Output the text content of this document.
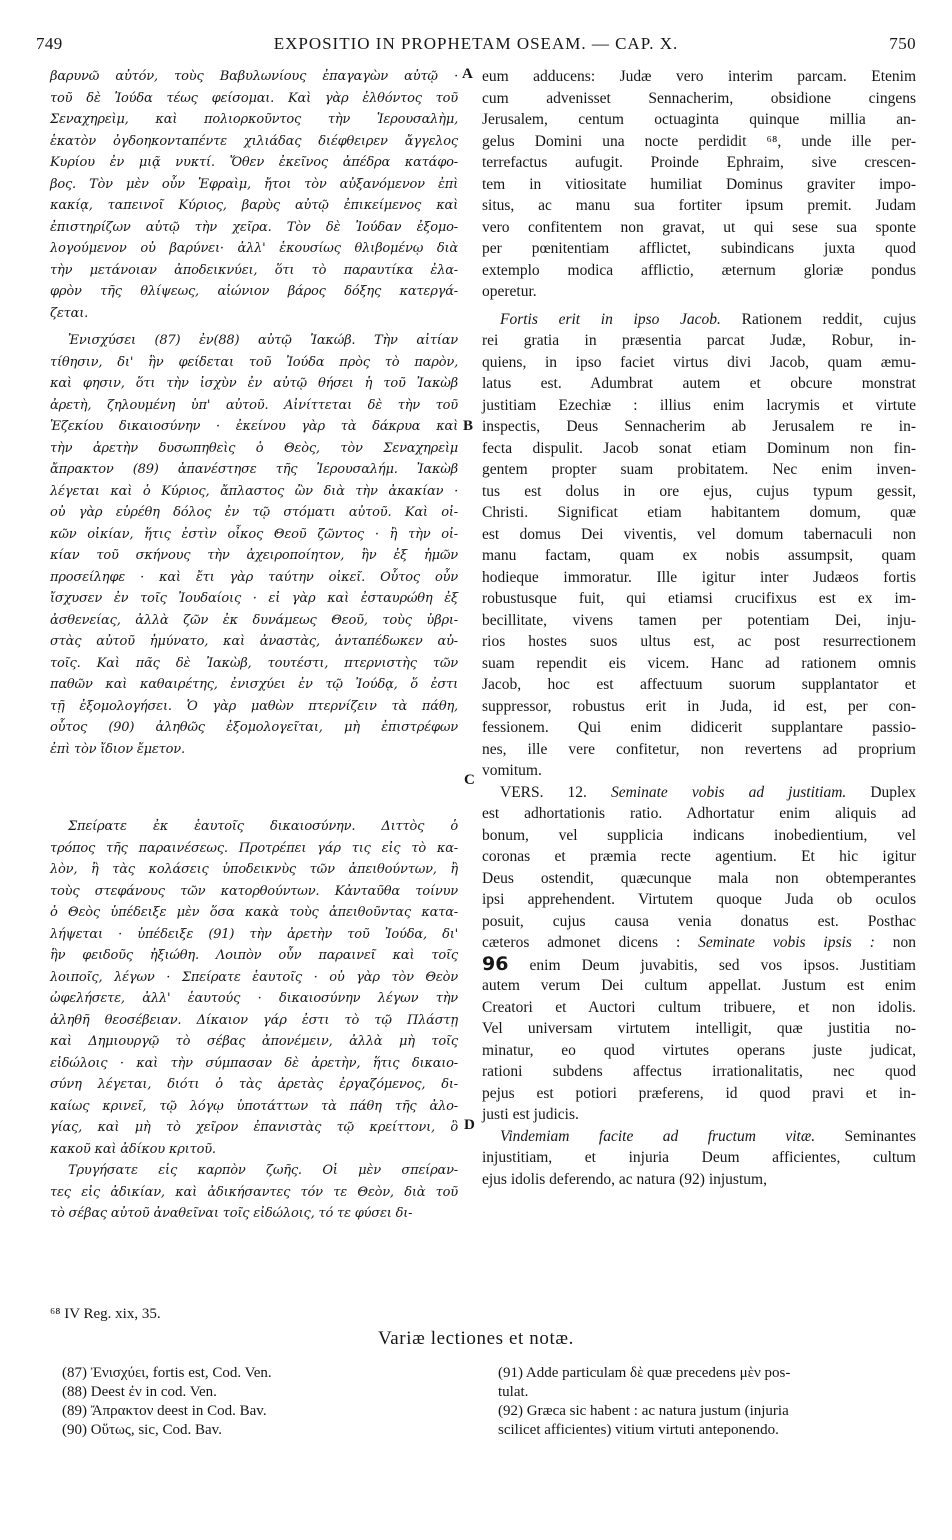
749	EXPOSITIO IN PROPHETAM OSEAM. — CAP. X.	750
βαρυνῶ αὐτόν, τοὺς Βαβυλωνίους ἐπαγαγὼν αὐτῷ ·
τοῦ δὲ Ἰούδα τέως φείσομαι. Καὶ γὰρ ἐλθόντος τοῦ
Σεναχηρεὶμ, καὶ πολιορκοῦντος τὴν Ἱερουσαλὴμ,
ἑκατὸν ὀγδοηκονταπέντε χιλιάδας διέφθειρεν ἄγγελος
Κυρίου ἐν μιᾷ νυκτί. Ὅθεν ἐκεῖνος ἀπέδρα κατάφο-
βος. Τὸν μὲν οὖν Ἐφραὶμ, ἤτοι τὸν αὐξανόμενον ἐπὶ
κακίᾳ, ταπεινοῖ Κύριος, βαρὺς αὐτῷ ἐπικείμενος καὶ
ἐπιστηρίζων αὐτῷ τὴν χεῖρα. Τὸν δὲ Ἰούδαν ἐξομο-
λογούμενον οὐ βαρύνει· ἀλλ' ἑκουσίως θλιβομένῳ διὰ
τὴν μετάνοιαν ἀποδεικνύει, ὅτι τὸ παραυτίκα ἐλα-
φρὸν τῆς θλίψεως, αἰώνιον βάρος δόξης κατεργά-
ζεται.
Ἐνισχύσει (87) ἐν(88) αὐτῷ Ἰακώβ. Τὴν αἰτίαν
τίθησιν, δι' ἣν φείδεται τοῦ Ἰούδα πρὸς τὸ παρὸν,
καὶ φησιν, ὅτι τὴν ἰσχὺν ἐν αὐτῷ θήσει ἡ τοῦ Ἰακὼβ
ἀρετὴ, ζηλουμένη ὑπ' αὐτοῦ. Αἰνίττεται δὲ τὴν τοῦ
Ἐζεκίου δικαιοσύνην · ἐκείνου γὰρ τὰ δάκρυα καὶ
τὴν ἀρετὴν δυσωπηθεὶς ὁ Θεὸς, τὸν Σεναχηρεὶμ
ἄπρακτον (89) ἀπανέστησε τῆς Ἱερουσαλήμ. Ἰακὼβ
λέγεται καὶ ὁ Κύριος, ἄπλαστος ὢν διὰ τὴν ἀκακίαν ·
οὐ γὰρ εὑρέθη δόλος ἐν τῷ στόματι αὐτοῦ. Καὶ οἰ-
κῶν οἰκίαν, ἥτις ἐστὶν οἶκος Θεοῦ ζῶντος · ἢ τὴν οἰ-
κίαν τοῦ σκήνους τὴν ἀχειροποίητον, ἣν ἐξ ἡμῶν
προσείληφε · καὶ ἔτι γὰρ ταύτην οἰκεῖ. Οὗτος οὖν
ἴσχυσεν ἐν τοῖς Ἰουδαίοις · εἰ γὰρ καὶ ἐσταυρώθη ἐξ
ἀσθενείας, ἀλλὰ ζῶν ἐκ δυνάμεως Θεοῦ, τοὺς ὑβρι-
στὰς αὐτοῦ ἠμύνατο, καὶ ἀναστὰς, ἀνταπέδωκεν αὐ-
τοῖς. Καὶ πᾶς δὲ Ἰακὼβ, τουτέστι, πτερνιστὴς τῶν
παθῶν καὶ καθαιρέτης, ἐνισχύει ἐν τῷ Ἰούδᾳ, ὅ ἐστι
τῇ ἐξομολογήσει. Ὁ γὰρ μαθὼν πτερνίζειν τὰ πάθη,
οὗτος (90) ἀληθῶς ἐξομολογεῖται, μὴ ἐπιστρέφων
ἐπὶ τὸν ἴδιον ἔμετον.
Σπείρατε ἐκ ἑαυτοῖς δικαιοσύνην. Διττὸς ὁ
τρόπος τῆς παραινέσεως. Προτρέπει γάρ τις εἰς τὸ κα-
λὸν, ἢ τὰς κολάσεις ὑποδεικνὺς τῶν ἀπειθούντων, ἢ
τοὺς στεφάνους τῶν κατορθούντων. Κἀνταῦθα τοίνυν
ὁ Θεὸς ὑπέδειξε μὲν ὅσα κακὰ τοὺς ἀπειθοῦντας κατα-
λήψεται · ὑπέδειξε (91) τὴν ἀρετὴν τοῦ Ἰούδα, δι'
ἣν φειδοῦς ἠξιώθη. Λοιπὸν οὖν παραινεῖ καὶ τοῖς
λοιποῖς, λέγων · Σπείρατε ἑαυτοῖς · οὐ γὰρ τὸν Θεὸν
ὠφελήσετε, ἀλλ' ἑαυτούς · δικαιοσύνην λέγων τὴν
ἀληθῆ θεοσέβειαν. Δίκαιον γάρ ἐστι τὸ τῷ Πλάστῃ
καὶ Δημιουργῷ τὸ σέβας ἀπονέμειν, ἀλλὰ μὴ τοῖς
εἰδώλοις · καὶ τὴν σύμπασαν δὲ ἀρετὴν, ἥτις δικαιο-
σύνη λέγεται, διότι ὁ τὰς ἀρετὰς ἐργαζόμενος, δι-
καίως κρινεῖ, τῷ λόγῳ ὑποτάττων τὰ πάθη τῆς ἀλο-
γίας, καὶ μὴ τὸ χεῖρον ἐπανιστὰς τῷ κρείττονι, ὃ
κακοῦ καὶ ἀδίκου κριτοῦ.
Τρυγήσατε εἰς καρπὸν ζωῆς. Οἱ μὲν σπείραν-
τες εἰς ἀδικίαν, καὶ ἀδικήσαντες τόν τε Θεὸν, διὰ τοῦ
τὸ σέβας αὐτοῦ ἀναθεῖναι τοῖς εἰδώλοις, τό τε φύσει δι-
eum adducens: Judæ vero interim parcam. Etenim
cum advenisset Sennacherim, obsidione cingens
Jerusalem, centum octuaginta quinque millia an-
gelus Domini una nocte perdidit ⁶⁸, unde ille per-
terrefactus aufugit. Proinde Ephraim, sive crescen-
tem in vitiositate humiliat Dominus graviter impo-
situs, ac manu sua fortiter ipsum premit. Judam
vero confitentem non gravat, ut qui sese sua sponte
per pœnitentiam afflictet, subindicans juxta quod
extemplo modica afflictio, æternum gloriæ pondus
operetur.
Fortis erit in ipso Jacob. Rationem reddit, cujus
rei gratia in præsentia parcat Judæ, Robur, in-
quiens, in ipso faciet virtus divi Jacob, quam æmu-
latus est. Adumbrat autem et obcure monstrat
justitiam Ezechiæ : illius enim lacrymis et virtute
inspectis, Deus Sennacherim ab Jerusalem re in-
fecta dispulit. Jacob sonat etiam Dominum non fin-
gentem propter suam probitatem. Nec enim inven-
tus est dolus in ore ejus, cujus typum gessit,
Christi. Significat etiam habitantem domum, quæ
est domus Dei viventis, vel domum tabernaculi non
manu factam, quam ex nobis assumpsit, quam
hodieque immoratur. Ille igitur inter Judæos fortis
robustusque fuit, qui etiamsi crucifixus est ex im-
becillitate, vivens tamen per potentiam Dei, inju-
rios hostes suos ultus est, ac post resurrectionem
suam rependit eis vicem. Hanc ad rationem omnis
Jacob, hoc est affectuum suorum supplantator et
suppressor, robustus erit in Juda, id est, per con-
fessionem. Qui enim didicerit supplantare passio-
nes, ille vere confitetur, non revertens ad proprium
vomitum.
VERS. 12. Seminate vobis ad justitiam. Duplex
est adhortationis ratio. Adhortatur enim aliquis ad
bonum, vel supplicia indicans inobedientium, vel
coronas et præmia recte agentium. Et hic igitur
Deus ostendit, quæcunque mala non obtemperantes
ipsi apprehendent. Virtutem quoque Juda ob oculos
posuit, cujus causa venia donatus est. Posthac
cæteros admonet dicens : Seminate vobis ipsis : non
96 enim Deum juvabitis, sed vos ipsos. Justitiam
autem verum Dei cultum appellat. Justum est enim
Creatori et Auctori cultum tribuere, et non idolis.
Vel universam virtutem intelligit, quæ justitia no-
minatur, eo quod virtutes operans juste judicat,
rationi subdens affectus irrationalitatis, nec quod
pejus est potiori præferens, id quod pravi et in-
justi est judicis.
Vindemiam facite ad fructum vitæ. Seminantes
injustitiam, et injuria Deum afficientes, cultum
ejus idolis deferendo, ac natura (92) injustum,
A
B
C
D
⁶⁸ IV Reg. xix, 35.
Variæ lectiones et notæ.
(87) Ἐνισχύει, fortis est, Cod. Ven.
(88) Deest ἐν in cod. Ven.
(89) Ἄπρακτον deest in Cod. Bav.
(90) Οὕτως, sic, Cod. Bav.
(91) Adde particulam δὲ quæ precedens μὲν pos-
tulat.
(92) Græca sic habent : ac natura justum (injuria
scilicet afficientes) vitium virtuti anteponendo.
